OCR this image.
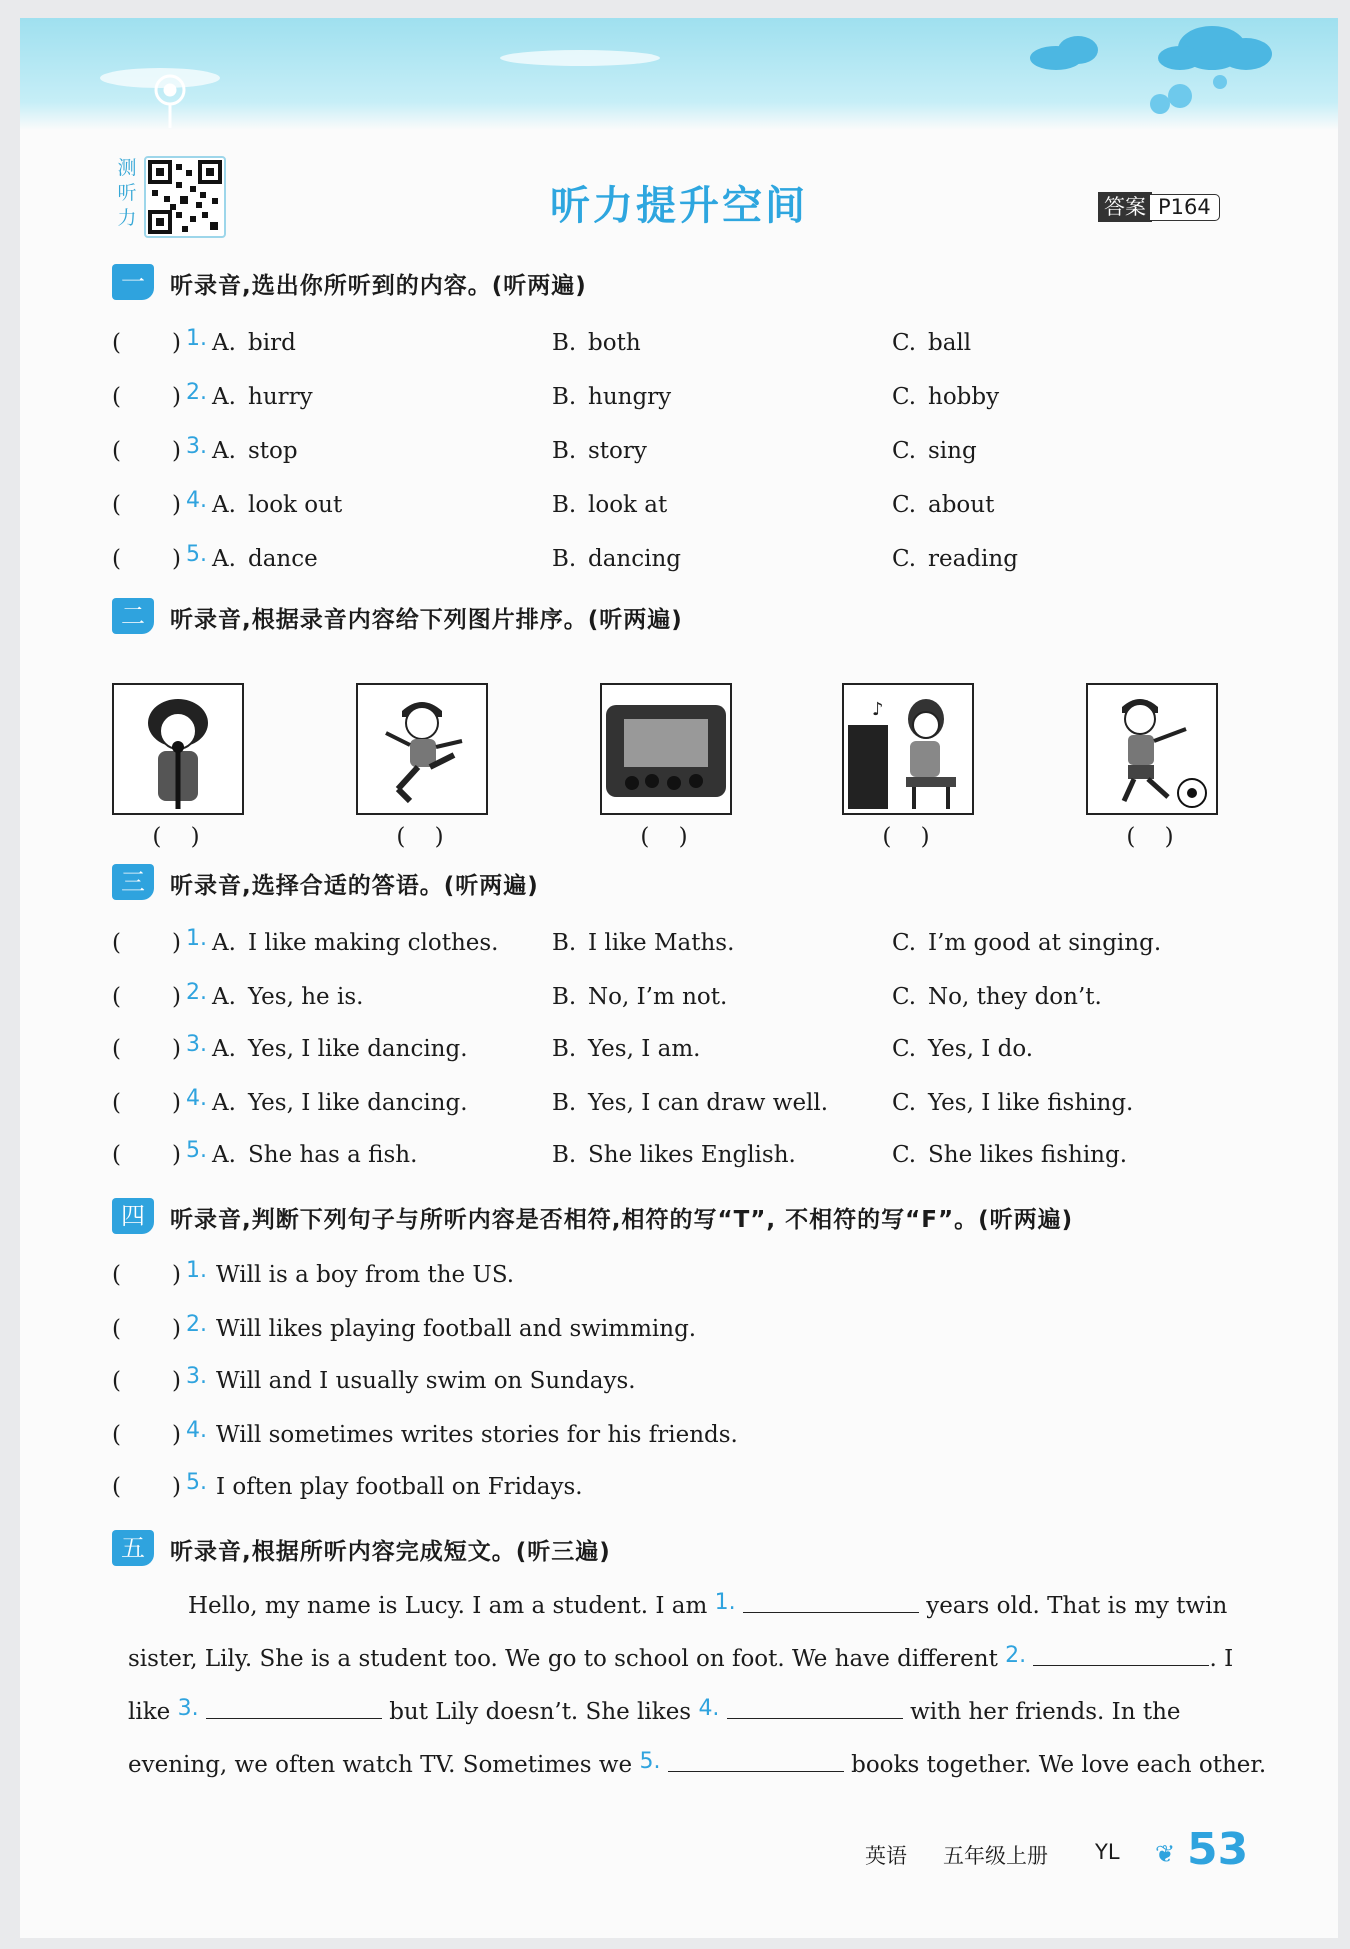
测听力	听力提升空间	答案 P164
一	听录音,选出你所听到的内容。(听两遍)
( ) 1. A. bird	B. both	C. ball
( ) 2. A. hurry	B. hungry	C. hobby
( ) 3. A. stop	B. story	C. sing
( ) 4. A. look out	B. look at	C. about
( ) 5. A. dance	B. dancing	C. reading
二	听录音,根据录音内容给下列图片排序。(听两遍)
♪
( )	( )	( )	( )	( )
三	听录音,选择合适的答语。(听两遍)
( ) 1. A. I like making clothes. B. I like Maths.	C. I’m good at singing.
( ) 2. A. Yes, he is.	B. No, I’m not.	C. No, they don’t.
( ) 3. A. Yes, I like dancing.	B. Yes, I am.	C. Yes, I do.
( ) 4. A. Yes, I like dancing.	B. Yes, I can draw well.	C. Yes, I like fishing.
( ) 5. A. She has a fish.	B. She likes English.	C. She likes fishing.
四	听录音,判断下列句子与所听内容是否相符,相符的写“T”, 不相符的写“F”。(听两遍)
( ) 1. Will is a boy from the US.
( ) 2. Will likes playing football and swimming.
( ) 3. Will and I usually swim on Sundays.
( ) 4. Will sometimes writes stories for his friends.
( ) 5. I often play football on Fridays.
五	听录音,根据所听内容完成短文。(听三遍)
Hello, my name is Lucy. I am a student. I am 1.	years old. That is my twin
sister, Lily. She is a student too. We go to school on foot. We have different 2.	. I
like 3.	but Lily doesn’t. She likes 4.	with her friends. In the
evening, we often watch TV. Sometimes we 5.	books together. We love each other.
英语 五年级上册 YL ❦ 53
